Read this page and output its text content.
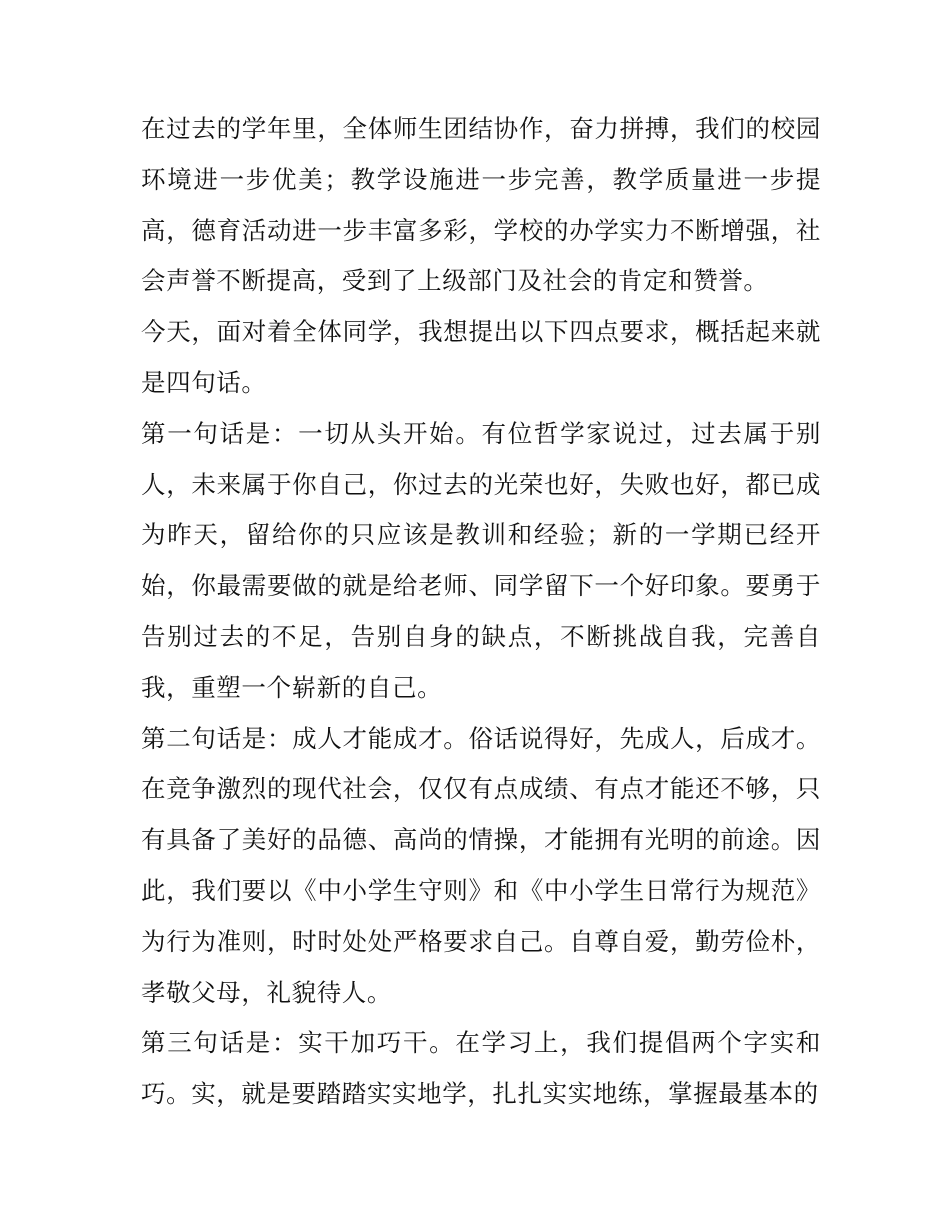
在过去的学年里，全体师生团结协作，奋力拼搏，我们的校园环境进一步优美；教学设施进一步完善，教学质量进一步提高，德育活动进一步丰富多彩，学校的办学实力不断增强，社会声誉不断提高，受到了上级部门及社会的肯定和赞誉。

今天，面对着全体同学，我想提出以下四点要求，概括起来就是四句话。

第一句话是：一切从头开始。有位哲学家说过，过去属于别人，未来属于你自己，你过去的光荣也好，失败也好，都已成为昨天，留给你的只应该是教训和经验；新的一学期已经开始，你最需要做的就是给老师、同学留下一个好印象。要勇于告别过去的不足，告别自身的缺点，不断挑战自我，完善自我，重塑一个崭新的自己。

第二句话是：成人才能成才。俗话说得好，先成人，后成才。在竞争激烈的现代社会，仅仅有点成绩、有点才能还不够，只有具备了美好的品德、高尚的情操，才能拥有光明的前途。因此，我们要以《中小学生守则》和《中小学生日常行为规范》为行为准则，时时处处严格要求自己。自尊自爱，勤劳俭朴，孝敬父母，礼貌待人。

第三句话是：实干加巧干。在学习上，我们提倡两个字实和巧。实，就是要踏踏实实地学，扎扎实实地练，掌握最基本的
